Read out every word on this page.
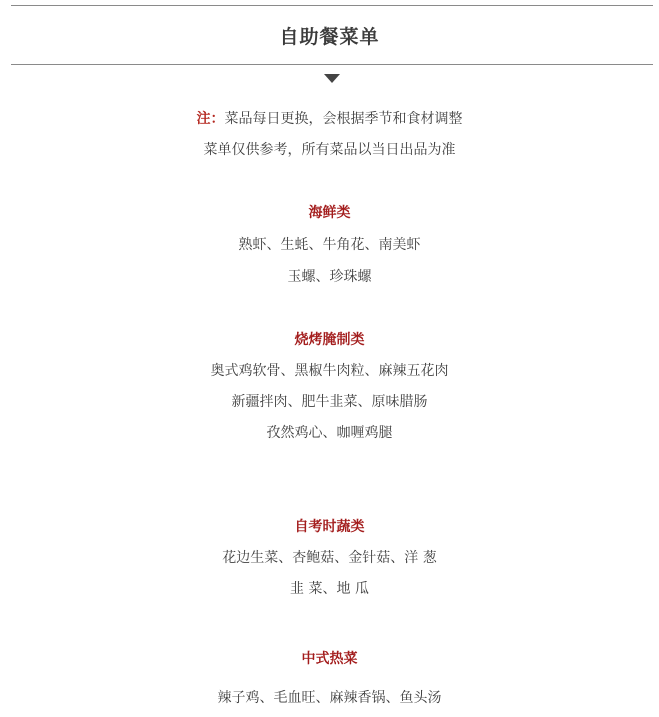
自助餐菜单
注：菜品每日更换，会根据季节和食材调整
菜单仅供参考，所有菜品以当日出品为准
海鲜类
熟虾、生蚝、牛角花、南美虾
玉螺、珍珠螺
烧烤腌制类
奥式鸡软骨、黑椒牛肉粒、麻辣五花肉
新疆拌肉、肥牛韭菜、原味腊肠
孜然鸡心、咖喱鸡腿
自考时蔬类
花边生菜、杏鲍菇、金针菇、洋 葱
韭 菜、地 瓜
中式热菜
辣子鸡、毛血旺、麻辣香锅、鱼头汤
